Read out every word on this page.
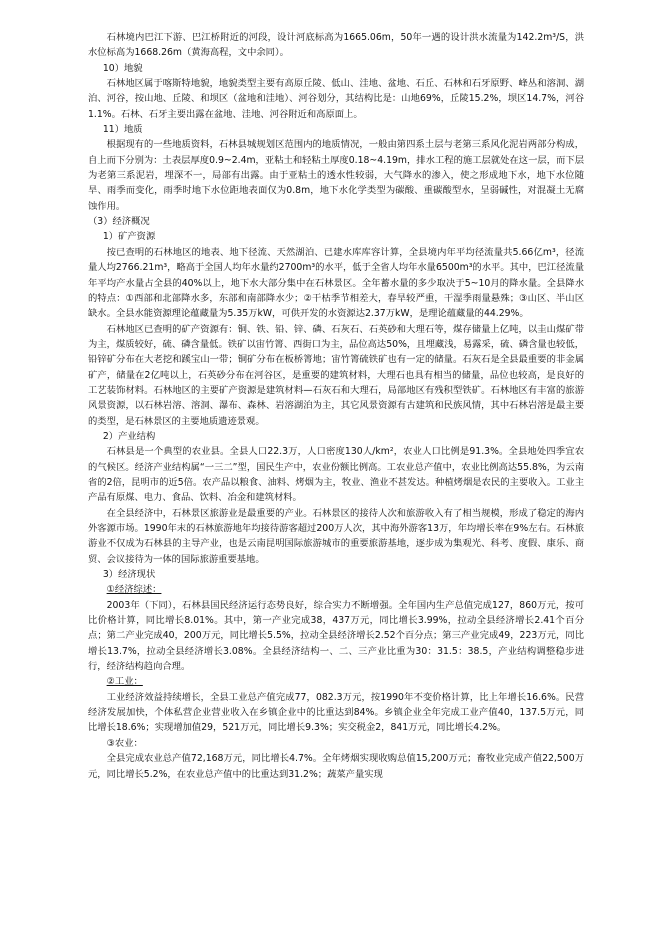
石林境内巴江下游、巴江桥附近的河段，设计河底标高为1665.06m，50年一遇的设计洪水流量为142.2m³/S，洪水位标高为1668.26m（黄海高程，文中余同）。

10）地貌

石林地区属于喀斯特地貌，地貌类型主要有高原丘陵、低山、洼地、盆地、石丘、石林和石牙原野、峰丛和溶洞、湖泊、河谷，按山地、丘陵、和坝区（盆地和洼地）、河谷划分，其结构比是：山地69%，丘陵15.2%，坝区14.7%，河谷1.1%。石林、石牙主要出露在盆地、洼地、河谷附近和高原面上。

11）地质

根据现有的一些地质资料，石林县城规划区范围内的地质情况，一般由第四系土层与老第三系风化泥岩两部分构成，自上而下分别为：土表层厚度0.9~2.4m，亚粘土和轻粘土厚度0.18~4.19m，排水工程的施工层就处在这一层，而下层为老第三系泥岩，埋深不一，局部有出露。由于亚粘土的透水性较弱，大气降水的渗入，使之形成地下水，地下水位随旱、雨季而变化，雨季时地下水位距地表面仅为0.8m，地下水化学类型为碳酸、重碳酸型水，呈弱碱性，对混凝土无腐蚀作用。

（3）经济概况

1）矿产资源

按已查明的石林地区的地表、地下径流、天然湖泊、已建水库库容计算，全县境内年平均径流量共5.66亿m³，径流量人均2766.21m³，略高于全国人均年水量约2700m³的水平，低于全省人均年水量6500m³的水平。其中，巴江径流量年平均产水量占全县的40%以上，地下水大部分集中在石林景区。全年蓄水量的多少取决于5~10月的降水量。全县降水的特点：①西部和北部降水多，东部和南部降水少；②干枯季节相差大，春旱较严重，干湿季雨量悬殊；③山区、半山区缺水。全县水能资源理论蕴藏量为5.35万kW，可供开发的水资源达2.37万kW，是理论蕴藏量的44.29%。

石林地区已查明的矿产资源有：铜、铁、铅、锌、磷、石灰石、石英砂和大理石等，煤存储量上亿吨，以圭山煤矿带为主，煤质较好，硫、磷含量低。铁矿以宙竹箐、西街口为主，品位高达50%，且埋藏浅，易露采，硫、磷含量也较低，铅锌矿分布在大老挖和蹊宝山一带；铜矿分布在板桥箐地；宙竹箐硫铁矿也有一定的储量。石灰石是全县最重要的非金属矿产，储量在2亿吨以上，石英砂分布在河谷区，是重要的建筑材料，大理石也具有相当的储量，品位也较高，是良好的工艺装饰材料。石林地区的主要矿产资源是建筑材料—石灰石和大理石，局部地区有残积型铁矿。石林地区有丰富的旅游风景资源，以石林岩溶、溶洞、瀑布、森林、岩溶湖泊为主，其它风景资源有古建筑和民族风情，其中石林岩溶是最主要的类型，是石林景区的主要地质遗迹景观。

2）产业结构

石林县是一个典型的农业县。全县人口22.3万，人口密度130人/km²，农业人口比例是91.3%。全县地处四季宜农的气候区。经济产业结构属“一三二”型，国民生产中，农业份额比例高。工农业总产值中，农业比例高达55.8%，为云南省的2倍，昆明市的近5倍。农产品以粮食、油料、烤烟为主，牧业、渔业不甚发达。种植烤烟是农民的主要收入。工业主产品有原煤、电力、食品、饮料、冶金和建筑材料。

在全县经济中，石林景区旅游业是最重要的产业。石林景区的接待人次和旅游收入有了相当规模，形成了稳定的海内外客源市场。1990年末的石林旅游地年均接待游客超过200万人次，其中海外游客13万，年均增长率在9%左右。石林旅游业不仅成为石林县的主导产业，也是云南昆明国际旅游城市的重要旅游基地，逐步成为集观光、科考、度假、康乐、商贸、会议接待为一体的国际旅游重要基地。

3）经济现状

①经济综述：

2003年（下同），石林县国民经济运行态势良好，综合实力不断增强。全年国内生产总值完成127，860万元，按可比价格计算，同比增长8.01%。其中，第一产业完成38，437万元，同比增长3.99%，拉动全县经济增长2.41个百分点；第二产业完成40，200万元，同比增长5.5%，拉动全县经济增长2.52个百分点；第三产业完成49，223万元，同比增长13.7%，拉动全县经济增长3.08%。全县经济结构一、二、三产业比重为30：31.5：38.5，产业结构调整稳步进行，经济结构趋向合理。

②工业：

工业经济效益持续增长，全县工业总产值完成77，082.3万元，按1990年不变价格计算，比上年增长16.6%。民营经济发展加快，个体私营企业营业收入在乡镇企业中的比重达到84%。乡镇企业全年完成工业产值40，137.5万元，同比增长18.6%；实现增加值29，521万元，同比增长9.3%；实交税金2，841万元，同比增长4.2%。

③农业：

全县完成农业总产值72,168万元，同比增长4.7%。全年烤烟实现收购总值15,200万元；畜牧业完成产值22,500万元，同比增长5.2%，在农业总产值中的比重达到31.2%；蔬菜产量实现
